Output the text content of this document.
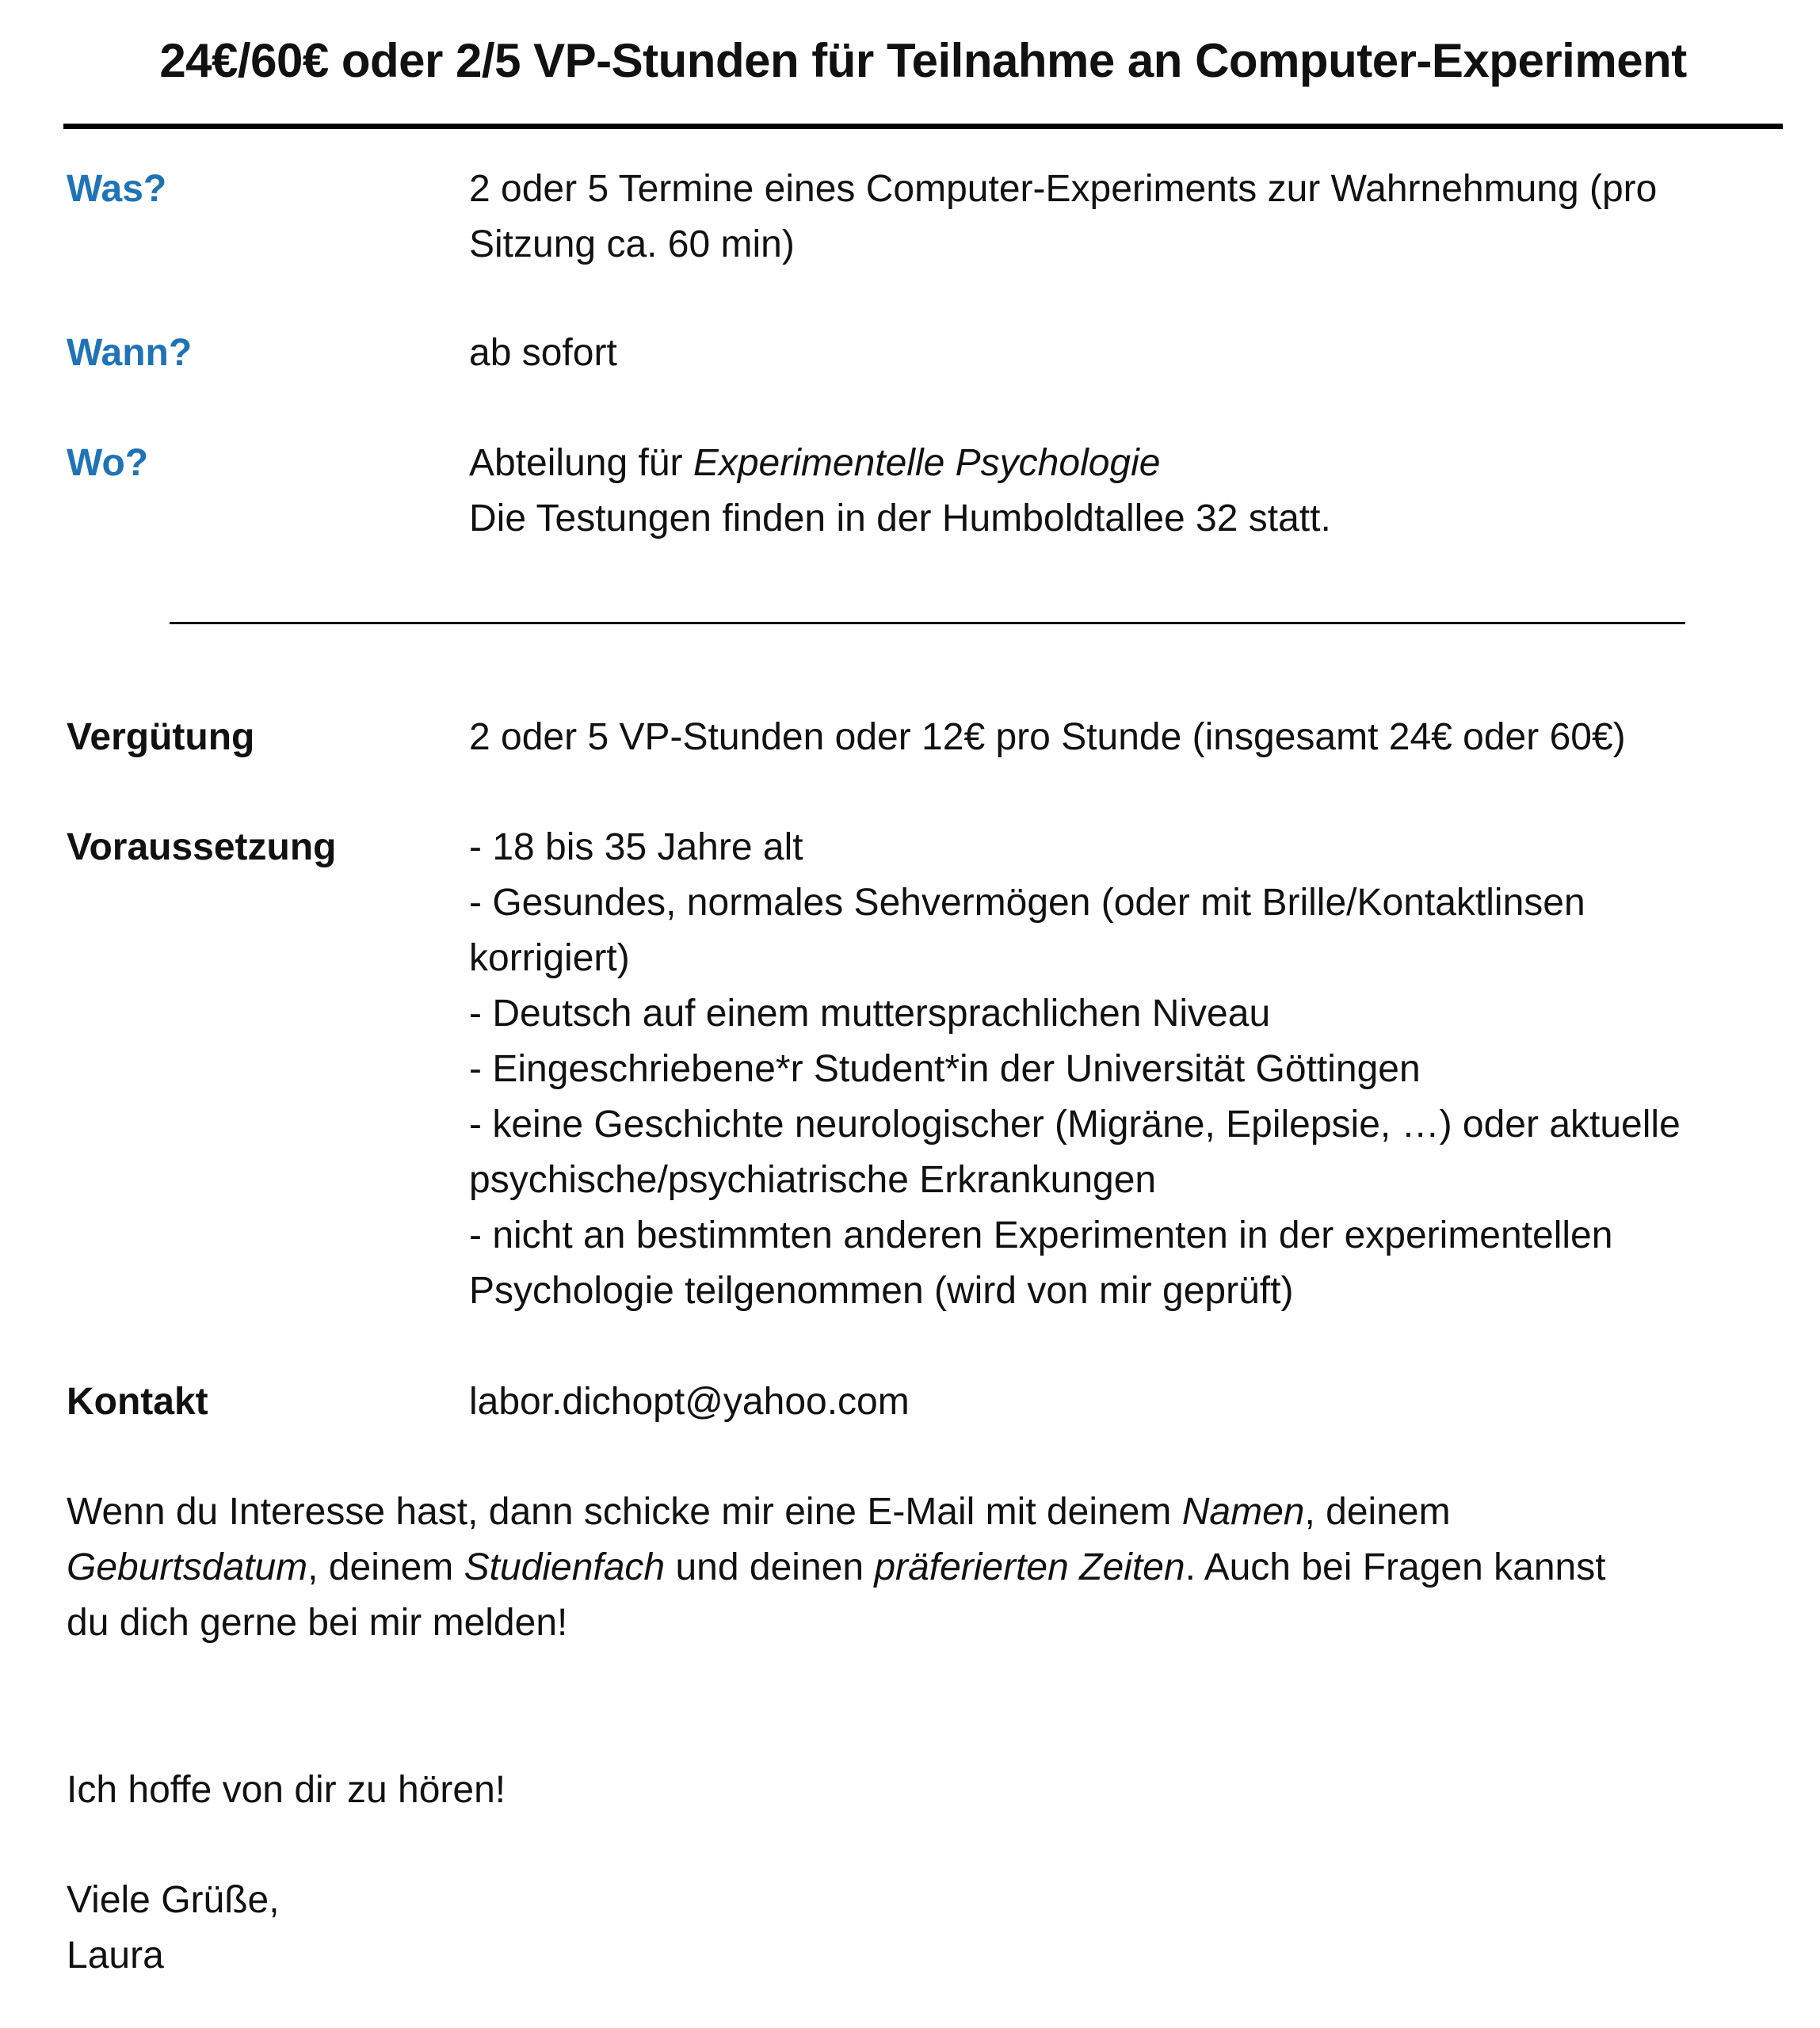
24€/60€ oder 2/5 VP-Stunden für Teilnahme an Computer-Experiment
Was?	2 oder 5 Termine eines Computer-Experiments zur Wahrnehmung (pro
Sitzung ca. 60 min)
Wann?	ab sofort
Wo?	Abteilung für Experimentelle Psychologie
Die Testungen finden in der Humboldtallee 32 statt.
Vergütung	2 oder 5 VP-Stunden oder 12€ pro Stunde (insgesamt 24€ oder 60€)
Voraussetzung	- 18 bis 35 Jahre alt
- Gesundes, normales Sehvermögen (oder mit Brille/Kontaktlinsen
korrigiert)
- Deutsch auf einem muttersprachlichen Niveau
- Eingeschriebene*r Student*in der Universität Göttingen
- keine Geschichte neurologischer (Migräne, Epilepsie, …) oder aktuelle
psychische/psychiatrische Erkrankungen
- nicht an bestimmten anderen Experimenten in der experimentellen
Psychologie teilgenommen (wird von mir geprüft)
Kontakt	labor.dichopt@yahoo.com
Wenn du Interesse hast, dann schicke mir eine E-Mail mit deinem Namen, deinem
Geburtsdatum, deinem Studienfach und deinen präferierten Zeiten. Auch bei Fragen kannst
du dich gerne bei mir melden!
Ich hoffe von dir zu hören!
Viele Grüße,
Laura
